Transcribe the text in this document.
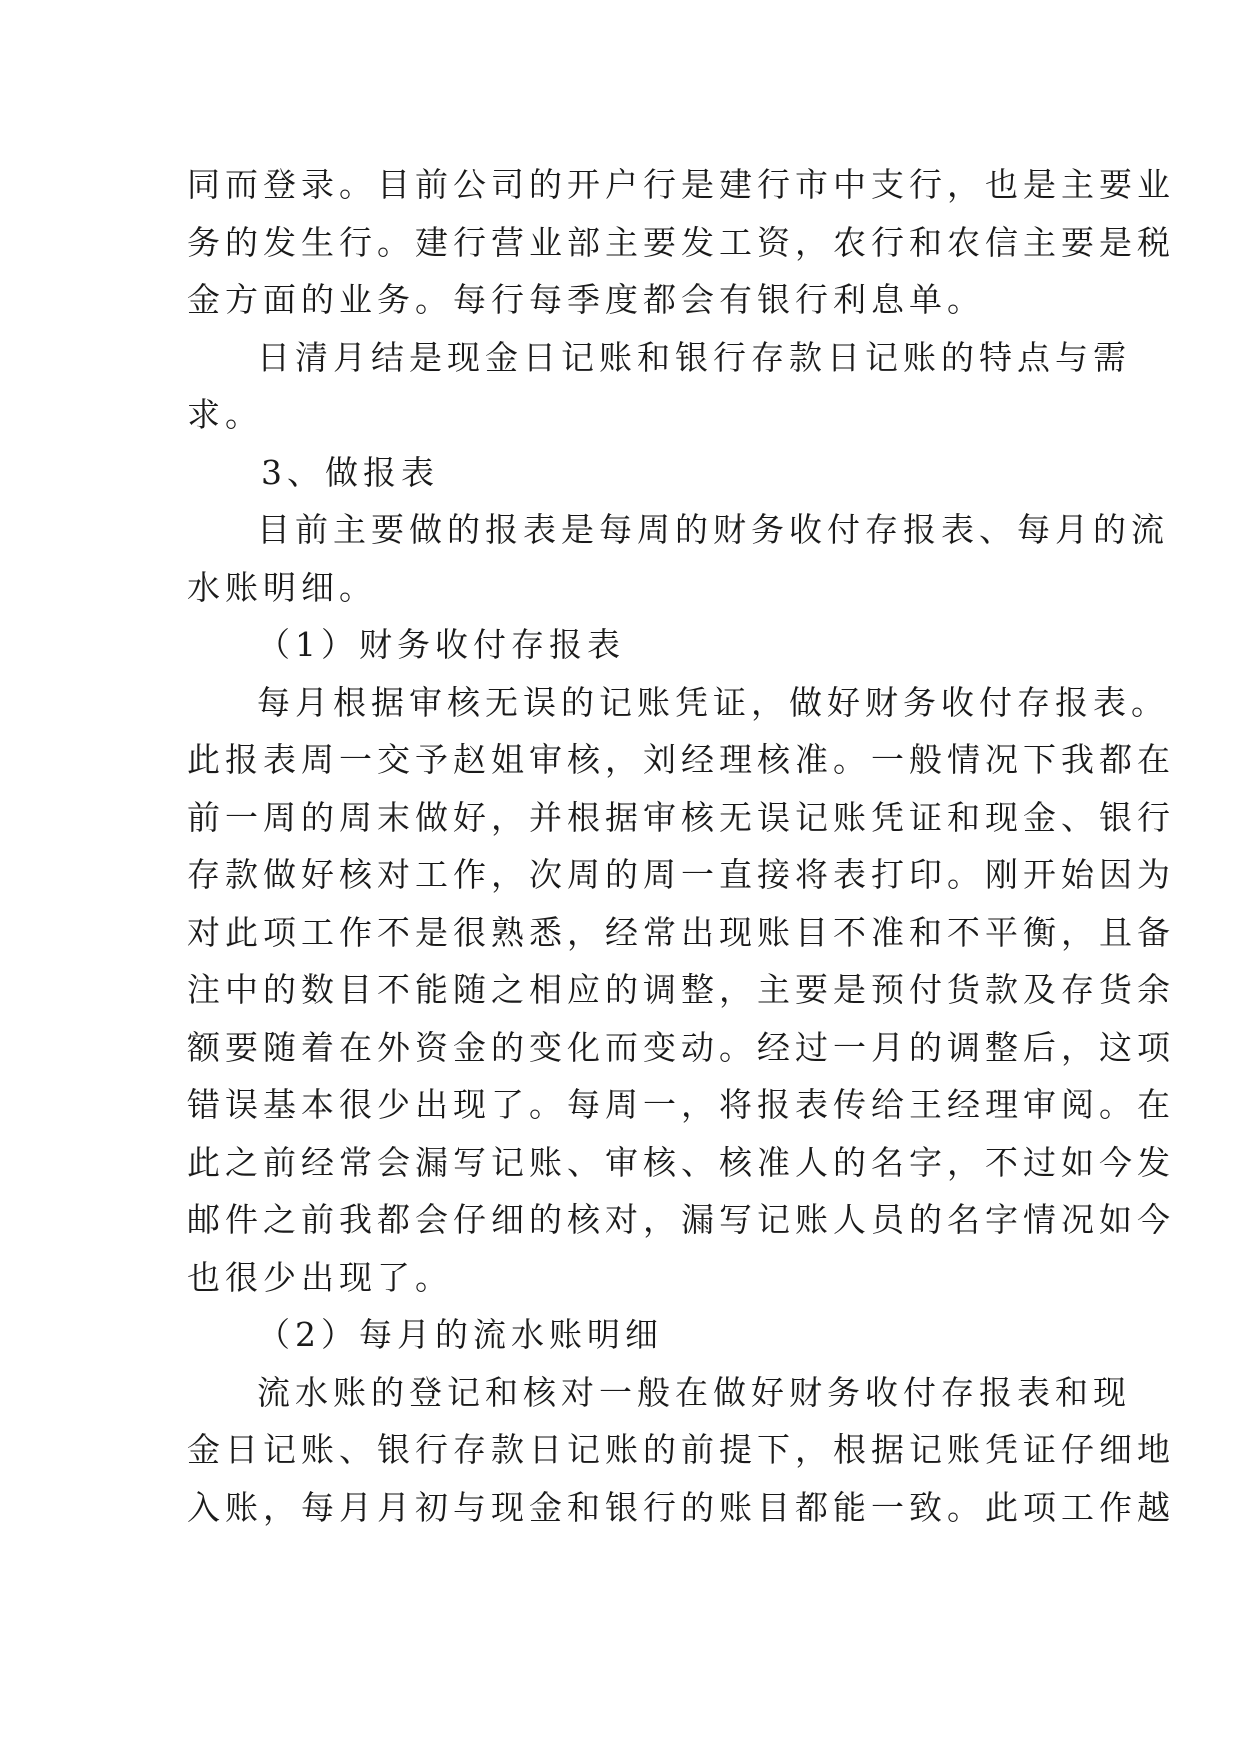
同而登录。目前公司的开户行是建行市中支行，也是主要业
务的发生行。建行营业部主要发工资，农行和农信主要是税
金方面的业务。每行每季度都会有银行利息单。
日清月结是现金日记账和银行存款日记账的特点与需
求。
3、做报表
目前主要做的报表是每周的财务收付存报表、每月的流
水账明细。
（1）财务收付存报表
每月根据审核无误的记账凭证，做好财务收付存报表。
此报表周一交予赵姐审核，刘经理核准。一般情况下我都在
前一周的周末做好，并根据审核无误记账凭证和现金、银行
存款做好核对工作，次周的周一直接将表打印。刚开始因为
对此项工作不是很熟悉，经常出现账目不准和不平衡，且备
注中的数目不能随之相应的调整，主要是预付货款及存货余
额要随着在外资金的变化而变动。经过一月的调整后，这项
错误基本很少出现了。每周一，将报表传给王经理审阅。在
此之前经常会漏写记账、审核、核准人的名字，不过如今发
邮件之前我都会仔细的核对，漏写记账人员的名字情况如今
也很少出现了。
（2）每月的流水账明细
流水账的登记和核对一般在做好财务收付存报表和现
金日记账、银行存款日记账的前提下，根据记账凭证仔细地
入账，每月月初与现金和银行的账目都能一致。此项工作越
